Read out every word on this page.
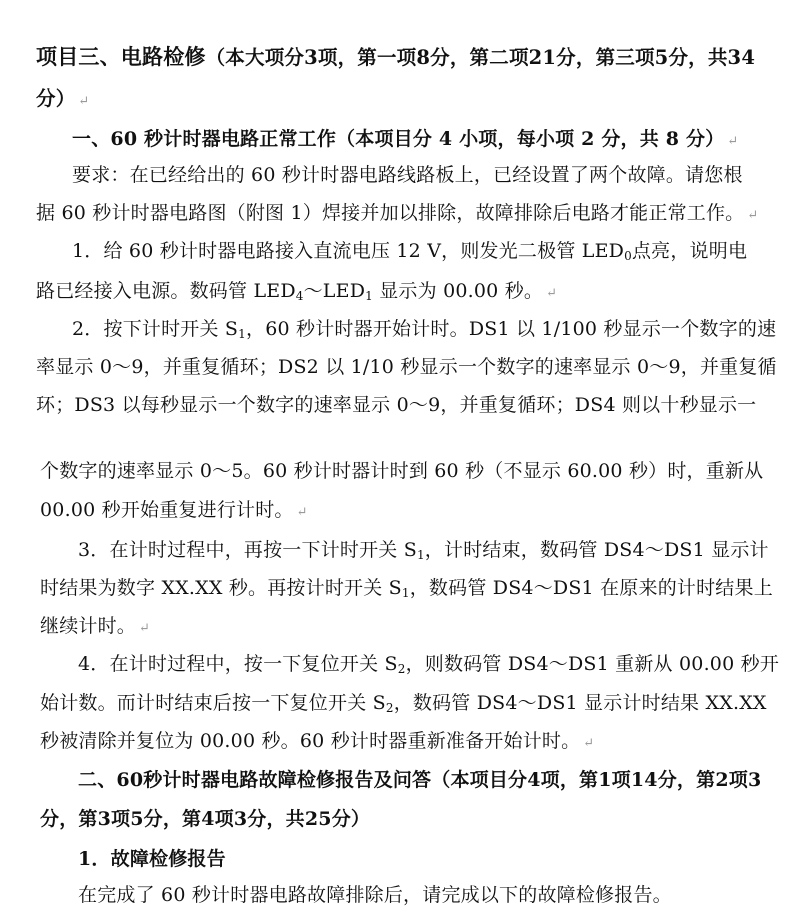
项目三、电路检修（本大项分3项，第一项8分，第二项21分，第三项5分，共34
分） ↵
一、60 秒计时器电路正常工作（本项目分 4 小项，每小项 2 分，共 8 分） ↵
要求：在已经给出的 60 秒计时器电路线路板上，已经设置了两个故障。请您根
据 60 秒计时器电路图（附图 1）焊接并加以排除，故障排除后电路才能正常工作。 ↵
1．给 60 秒计时器电路接入直流电压 12 V，则发光二极管 $LED_0$点亮，说明电
路已经接入电源。数码管 $LED_4\sim LED_1$ 显示为 00.00 秒。 ↵
2．按下计时开关 $S_1$，60 秒计时器开始计时。DS1 以 1/100 秒显示一个数字的速
率显示 0～9，并重复循环；DS2 以 1/10 秒显示一个数字的速率显示 0～9，并重复循
环；DS3 以每秒显示一个数字的速率显示 0～9，并重复循环；DS4 则以十秒显示一
个数字的速率显示 0～5。60 秒计时器计时到 60 秒（不显示 60.00 秒）时，重新从
00.00 秒开始重复进行计时。 ↵
3．在计时过程中，再按一下计时开关 $S_1$，计时结束，数码管 DS4～DS1 显示计
时结果为数字 XX.XX 秒。再按计时开关 $S_1$，数码管 DS4～DS1 在原来的计时结果上
继续计时。 ↵
4．在计时过程中，按一下复位开关 $S_2$，则数码管 DS4～DS1 重新从 00.00 秒开
始计数。而计时结束后按一下复位开关 $S_2$，数码管 DS4～DS1 显示计时结果 XX.XX
秒被清除并复位为 00.00 秒。60 秒计时器重新准备开始计时。 ↵
二、60秒计时器电路故障检修报告及问答（本项目分4项，第1项14分，第2项3
分，第3项5分，第4项3分，共25分）
1．故障检修报告
在完成了 60 秒计时器电路故障排除后，请完成以下的故障检修报告。
